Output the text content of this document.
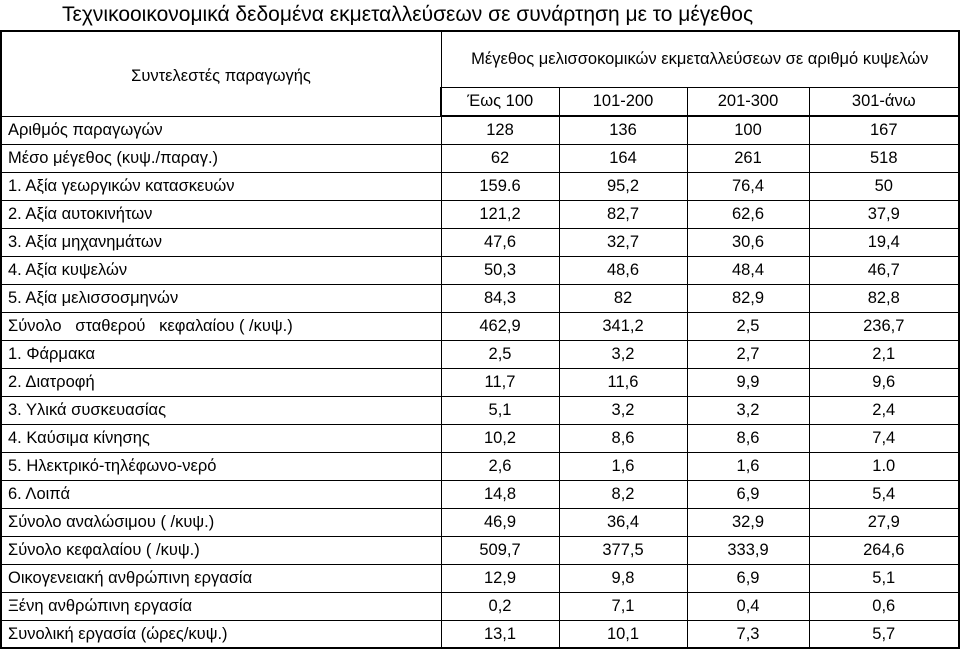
Τεχνικοοικονομικά δεδομένα εκμεταλλεύσεων σε συνάρτηση με το μέγεθος
Συντελεστές παραγωγής	Μέγεθος μελισσοκομικών εκμεταλλεύσεων σε αριθμό κυψελών			
	Έως 100	101-200	201-300	301-άνω
Αριθμός παραγωγών	128	136	100	167
Μέσο μέγεθος (κυψ./παραγ.)	62	164	261	518
1. Αξία γεωργικών κατασκευών	159.6	95,2	76,4	50
2. Αξία αυτοκινήτων	121,2	82,7	62,6	37,9
3. Αξία μηχανημάτων	47,6	32,7	30,6	19,4
4. Αξία κυψελών	50,3	48,6	48,4	46,7
5. Αξία μελισσοσμηνών	84,3	82	82,9	82,8
Σύνολο   σταθερού   κεφαλαίου ( /κυψ.)	462,9	341,2	2,5	236,7
1. Φάρμακα	2,5	3,2	2,7	2,1
2. Διατροφή	11,7	11,6	9,9	9,6
3. Υλικά συσκευασίας	5,1	3,2	3,2	2,4
4. Καύσιμα κίνησης	10,2	8,6	8,6	7,4
5. Ηλεκτρικό-τηλέφωνο-νερό	2,6	1,6	1,6	1.0
6. Λοιπά	14,8	8,2	6,9	5,4
Σύνολο αναλώσιμου ( /κυψ.)	46,9	36,4	32,9	27,9
Σύνολο κεφαλαίου ( /κυψ.)	509,7	377,5	333,9	264,6
Οικογενειακή ανθρώπινη εργασία	12,9	9,8	6,9	5,1
Ξένη ανθρώπινη εργασία	0,2	7,1	0,4	0,6
Συνολική εργασία (ώρες/κυψ.)	13,1	10,1	7,3	5,7
